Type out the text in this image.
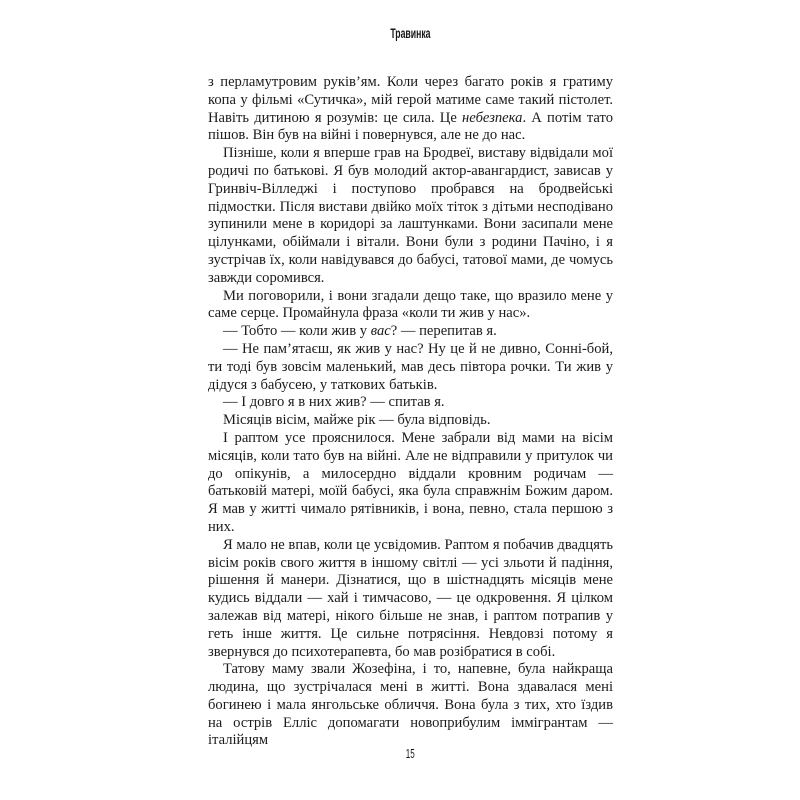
Травинка

з перламутровим руків’ям. Коли через багато років я гратиму копа у фільмі «Сутичка», мій герой матиме саме такий пістолет. Навіть дитиною я розумів: це сила. Це небезпека. А потім тато пішов. Він був на війні і повернувся, але не до нас.

Пізніше, коли я вперше грав на Бродвеї, виставу відвідали мої родичі по батькові. Я був молодий актор-авангардист, зависав у Гринвіч-Вілледжі і поступово пробрався на бродвейські підмостки. Після вистави двійко моїх тіток з дітьми несподівано зупинили мене в коридорі за лаштунками. Вони засипали мене цілунками, обіймали і вітали. Вони були з родини Пачіно, і я зустрічав їх, коли навідувався до бабусі, татової мами, де чомусь завжди соромився.

Ми поговорили, і вони згадали дещо таке, що вразило мене у саме серце. Промайнула фраза «коли ти жив у нас».

— Тобто — коли жив у вас? — перепитав я.

— Не пам’ятаєш, як жив у нас? Ну це й не дивно, Сонні-бой, ти тоді був зовсім маленький, мав десь півтора рочки. Ти жив у дідуся з бабусею, у таткових батьків.

— І довго я в них жив? — спитав я.

Місяців вісім, майже рік — була відповідь.

І раптом усе прояснилося. Мене забрали від мами на вісім місяців, коли тато був на війні. Але не відправили у притулок чи до опікунів, а милосердно віддали кровним родичам — батьковій матері, моїй бабусі, яка була справжнім Божим даром. Я мав у житті чимало рятівників, і вона, певно, стала першою з них.

Я мало не впав, коли це усвідомив. Раптом я побачив двадцять вісім років свого життя в іншому світлі — усі зльоти й падіння, рішення й манери. Дізнатися, що в шістнадцять місяців мене кудись віддали — хай і тимчасово, — це одкровення. Я цілком залежав від матері, нікого більше не знав, і раптом потрапив у геть інше життя. Це сильне потрясіння. Невдовзі потому я звернувся до психотерапевта, бо мав розібратися в собі.

Татову маму звали Жозефіна, і то, напевне, була найкраща людина, що зустрічалася мені в житті. Вона здавалася мені богинею і мала янгольське обличчя. Вона була з тих, хто їздив на острів Елліс допомагати новоприбулим іммігрантам — італійцям

15
